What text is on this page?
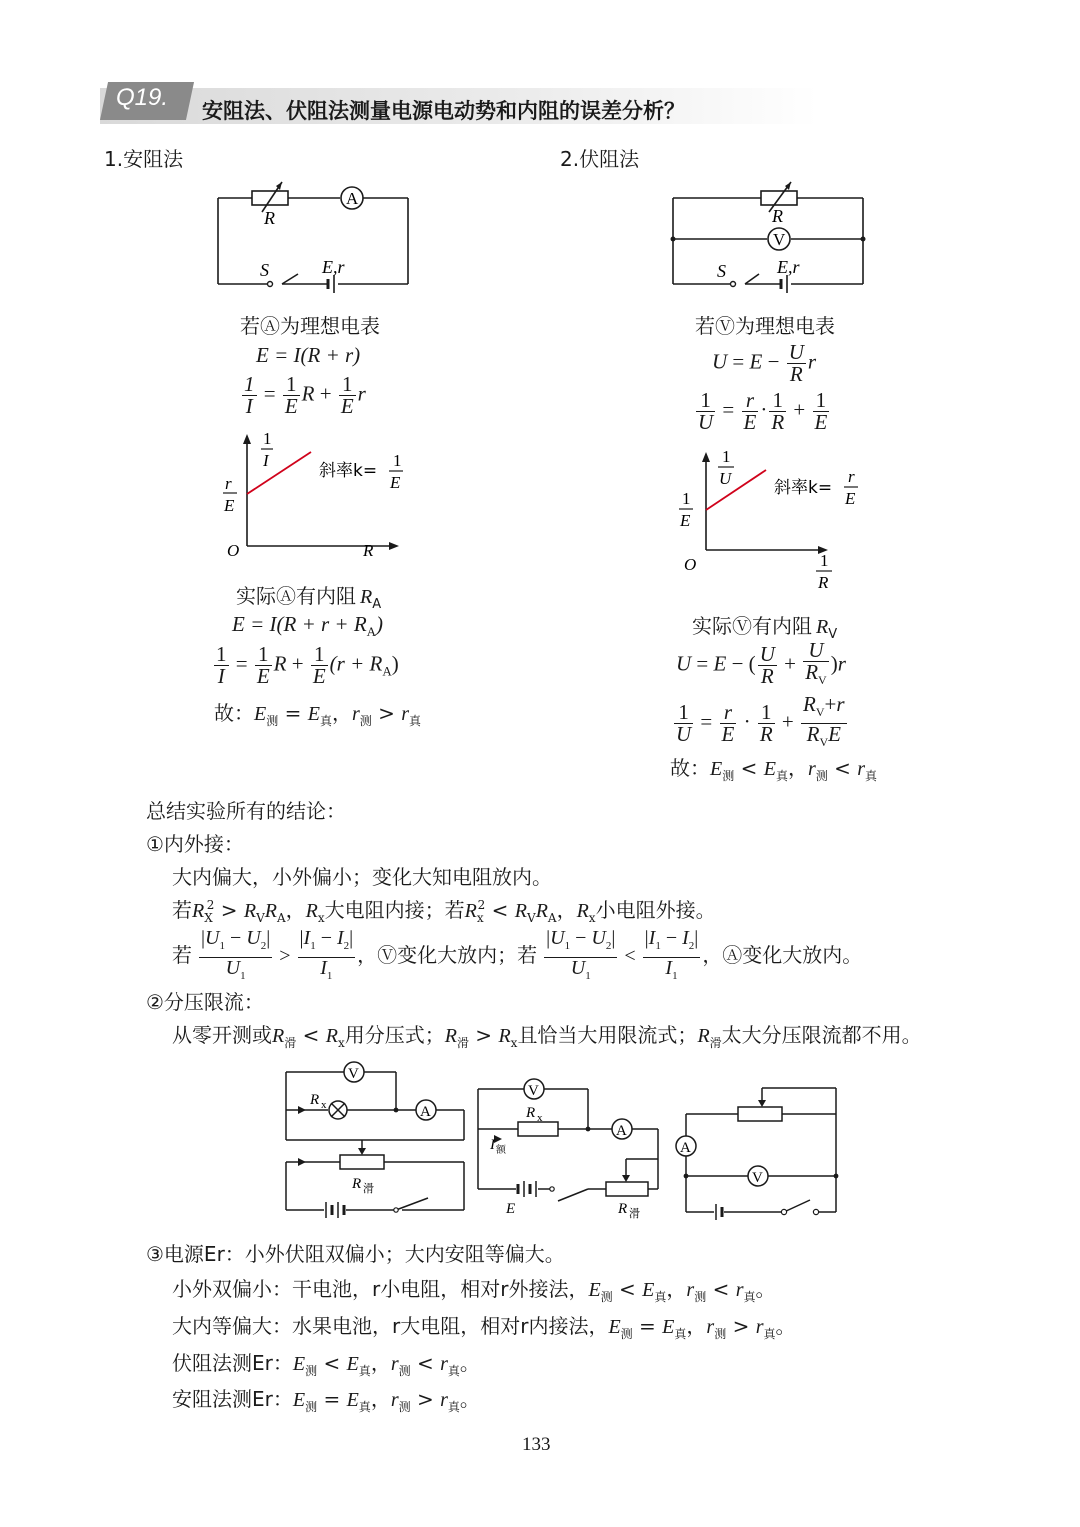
Q19. 安阻法、伏阻法测量电源电动势和内阻的误差分析？
1.安阻法	2.伏阻法
R
A
S	E,r
R
V
S	E,r
若Ⓐ为理想电表
E = I(R + r)
$\frac{1}{I} = \frac{1}{E}$ $R + \frac{1}{E}$ r
1
I
r
E
O	R
斜率k=
1
E
实际Ⓐ有内阻 $R_A$
$E = I(R + r + R_A)$
$\frac{1}{I} = \frac{1}{E}$ $R + \frac{1}{E} (r + R_A)$
故：$E_测 = E_真$，$r_测 > r_真$
若Ⓥ为理想电表
$U = E - \frac{U}{R}$ r
$\frac{1}{U} = \frac{r}{E} \cdot \frac{1}{R} + \frac{1}{E}$
1
U
1
E
O	1
R
斜率k=
r
E
实际Ⓥ有内阻 $R_V$
U = E − ( $\frac{U}{R} + \frac{U}{R_V} )r$
$\frac{1}{U} = \frac{r}{E} \cdot \frac{1}{R} + \frac{R_V+r}{R_VE}$
故：$E_测 < E_真$，$r_测 < r_真$
总结实验所有的结论：
①内外接：
大内偏大，小外偏小；变化大知电阻放内。
若$R_X^2 > R_VR_A$，$R_x$大电阻内接；若$R_x^2 < R_VR_A$，$R_x$小电阻外接。
若 $\frac{|U_1 - U_2|}{U_1} > \frac{|I_1 - I_2|}{I_1}$ ，Ⓥ变化大放内；若 $\frac{|U_1 - U_2|}{U_1} < \frac{|I_1 - I_2|}{I_1}$ ，Ⓐ变化大放内。
②分压限流：
从零开测或$R_滑 < R_x$用分压式；$R_滑 > R_x$且恰当大用限流式；$R_滑$太大分压限流都不用。
V
A
R x
R 滑
V
A
R x
I 额
E	R 滑
A
V
③电源Er：小外伏阻双偏小；大内安阻等偏大。
小外双偏小：干电池，r小电阻，相对r外接法，$E_测 < E_真$，$r_测 < r_真$。
大内等偏大：水果电池，r大电阻，相对r内接法，$E_测 = E_真$，$r_测 > r_真$。
伏阻法测Er：$E_测 < E_真$，$r_测 < r_真$。
安阻法测Er：$E_测 = E_真$，$r_测 > r_真$。
133
